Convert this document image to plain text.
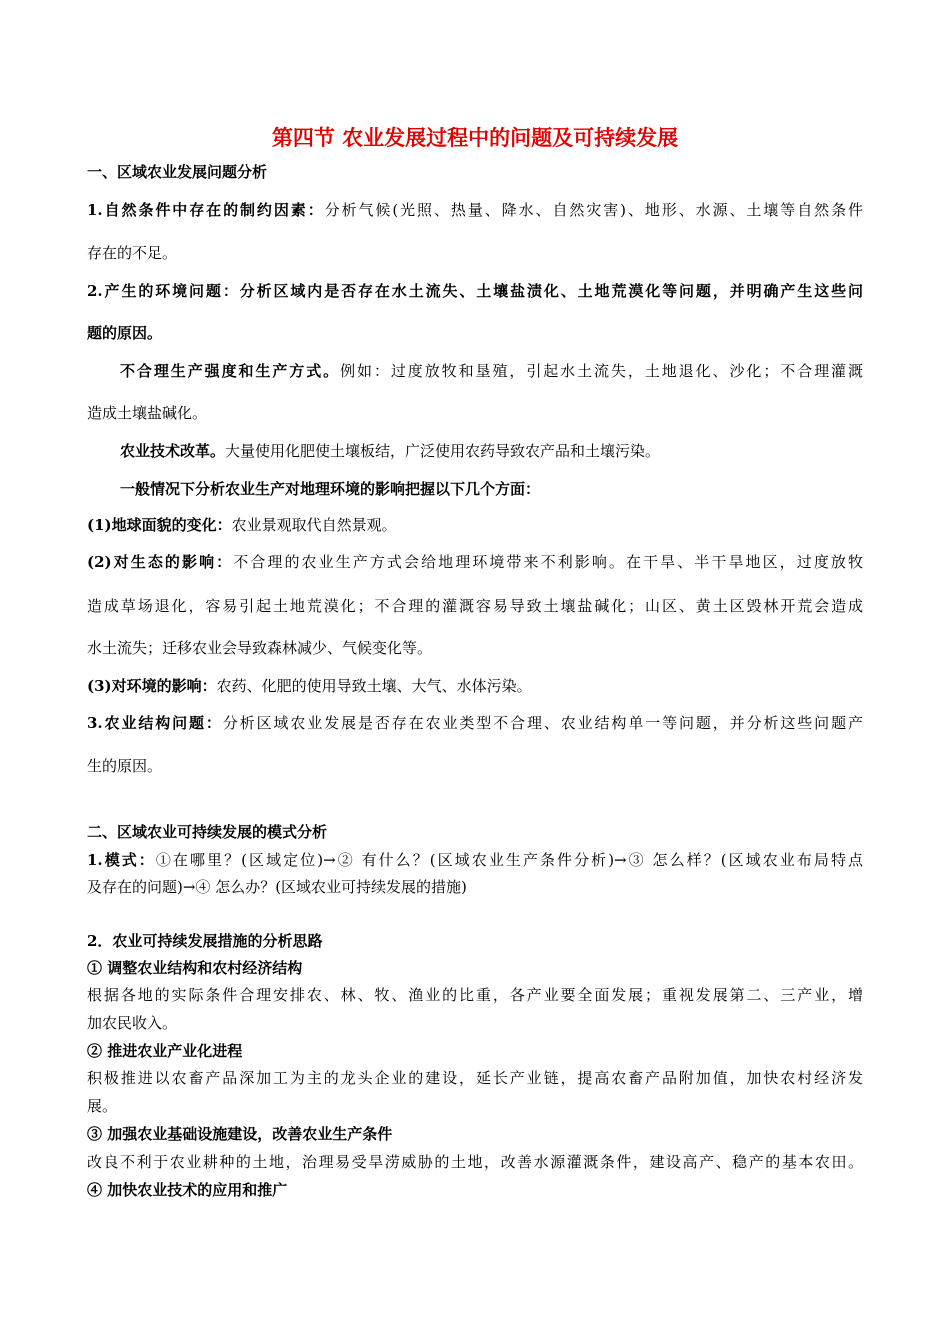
第四节 农业发展过程中的问题及可持续发展
一、区域农业发展问题分析
1.自然条件中存在的制约因素：分析气候(光照、热量、降水、自然灾害)、地形、水源、土壤等自然条件
存在的不足。
2.产生的环境问题：分析区域内是否存在水土流失、土壤盐渍化、土地荒漠化等问题，并明确产生这些问
题的原因。
不合理生产强度和生产方式。例如：过度放牧和垦殖，引起水土流失，土地退化、沙化；不合理灌溉
造成土壤盐碱化。
农业技术改革。大量使用化肥使土壤板结，广泛使用农药导致农产品和土壤污染。
一般情况下分析农业生产对地理环境的影响把握以下几个方面：
(1)地球面貌的变化：农业景观取代自然景观。
(2)对生态的影响：不合理的农业生产方式会给地理环境带来不利影响。在干旱、半干旱地区，过度放牧
造成草场退化，容易引起土地荒漠化；不合理的灌溉容易导致土壤盐碱化；山区、黄土区毁林开荒会造成
水土流失；迁移农业会导致森林减少、气候变化等。
(3)对环境的影响：农药、化肥的使用导致土壤、大气、水体污染。
3.农业结构问题：分析区域农业发展是否存在农业类型不合理、农业结构单一等问题，并分析这些问题产
生的原因。
二、区域农业可持续发展的模式分析
1.模式：①在哪里？(区域定位)→② 有什么？(区域农业生产条件分析)→③ 怎么样？(区域农业布局特点
及存在的问题)→④ 怎么办？(区域农业可持续发展的措施)
2．农业可持续发展措施的分析思路
① 调整农业结构和农村经济结构
根据各地的实际条件合理安排农、林、牧、渔业的比重，各产业要全面发展；重视发展第二、三产业，增
加农民收入。
② 推进农业产业化进程
积极推进以农畜产品深加工为主的龙头企业的建设，延长产业链，提高农畜产品附加值，加快农村经济发
展。
③ 加强农业基础设施建设，改善农业生产条件
改良不利于农业耕种的土地，治理易受旱涝威胁的土地，改善水源灌溉条件，建设高产、稳产的基本农田。
④ 加快农业技术的应用和推广
